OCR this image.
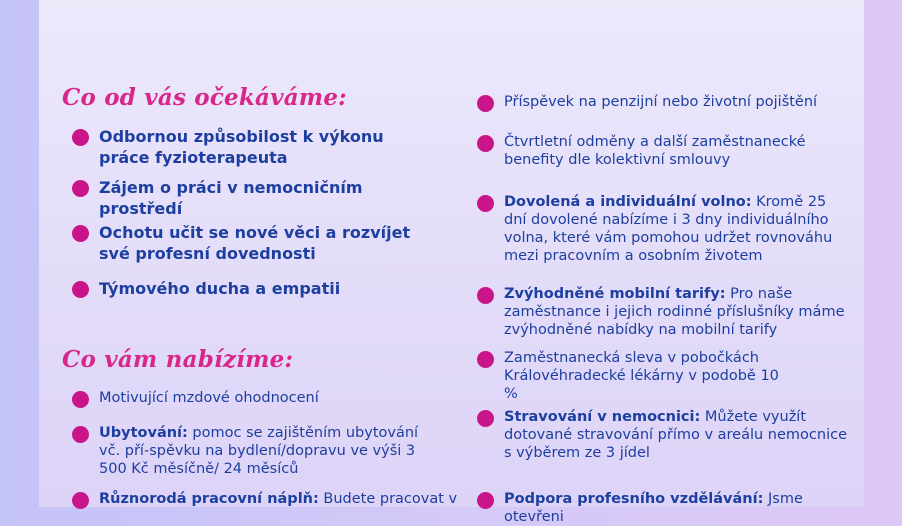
Co od vás očekáváme:
Odbornou způsobilost k výkonu práce fyzioterapeuta
Zájem o práci v nemocničním prostředí
Ochotu učit se nové věci a rozvíjet své profesní dovednosti
Týmového ducha a empatii
Co vám nabízíme:
Motivující mzdové ohodnocení
Ubytování: pomoc se zajištěním ubytování vč. pří-spěvku na bydlení/dopravu ve výši 3 500 Kč měsíčně/ 24 měsíců
Různorodá pracovní náplň: Budete pracovat v
Příspěvek na penzijní nebo životní pojištění
Čtvrtletní odměny a další zaměstnanecké benefity dle kolektivní smlouvy
Dovolená a individuální volno: Kromě 25 dní dovolené nabízíme i 3 dny individuálního volna, které vám pomohou udržet rovnováhu mezi pracovním a osobním životem
Zvýhodněné mobilní tarify: Pro naše zaměstnance i jejich rodinné příslušníky máme zvýhodněné nabídky na mobilní tarify
Zaměstnanecká sleva v pobočkách Královéhradecké lékárny v podobě 10 %
Stravování v nemocnici: Můžete využít dotované stravování přímo v areálu nemocnice s výběrem ze 3 jídel
Podpora profesního vzdělávání: Jsme otevřeni
